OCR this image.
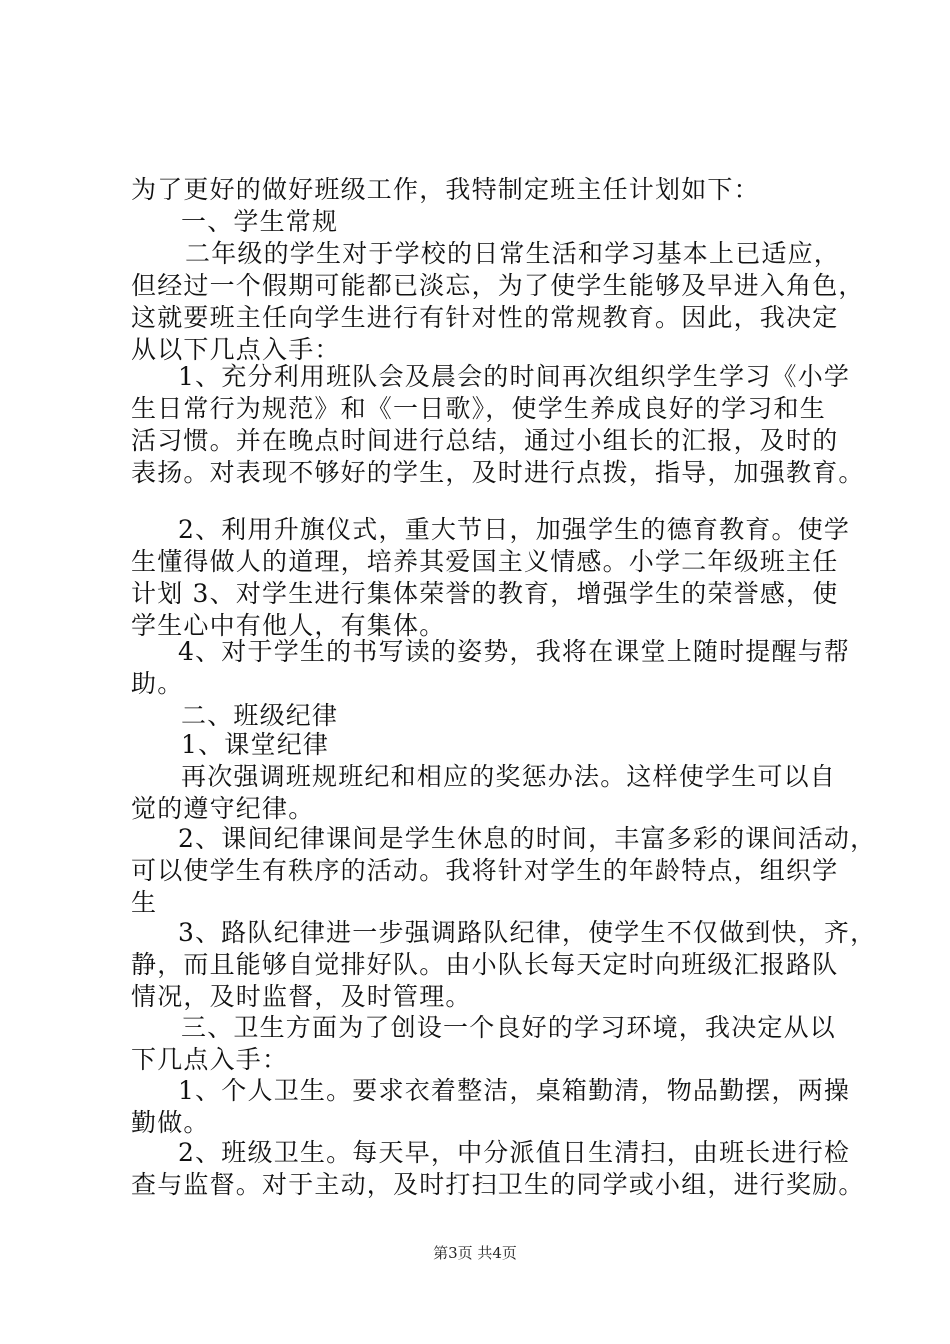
为了更好的做好班级工作，我特制定班主任计划如下：
一、学生常规
二年级的学生对于学校的日常生活和学习基本上已适应，
但经过一个假期可能都已淡忘，为了使学生能够及早进入角色，
这就要班主任向学生进行有针对性的常规教育。因此，我决定
从以下几点入手：
1、充分利用班队会及晨会的时间再次组织学生学习《小学
生日常行为规范》和《一日歌》，使学生养成良好的学习和生
活习惯。并在晚点时间进行总结，通过小组长的汇报，及时的
表扬。对表现不够好的学生，及时进行点拨，指导，加强教育。
2、利用升旗仪式，重大节日，加强学生的德育教育。使学
生懂得做人的道理，培养其爱国主义情感。小学二年级班主任
计划 3、对学生进行集体荣誉的教育，增强学生的荣誉感，使
学生心中有他人，有集体。
4、对于学生的书写读的姿势，我将在课堂上随时提醒与帮
助。
二、班级纪律
1、课堂纪律
再次强调班规班纪和相应的奖惩办法。这样使学生可以自
觉的遵守纪律。
2、课间纪律课间是学生休息的时间，丰富多彩的课间活动，
可以使学生有秩序的活动。我将针对学生的年龄特点，组织学
生
3、路队纪律进一步强调路队纪律，使学生不仅做到快，齐，
静，而且能够自觉排好队。由小队长每天定时向班级汇报路队
情况，及时监督，及时管理。
三、卫生方面为了创设一个良好的学习环境，我决定从以
下几点入手：
1、个人卫生。要求衣着整洁，桌箱勤清，物品勤摆，两操
勤做。
2、班级卫生。每天早，中分派值日生清扫，由班长进行检
查与监督。对于主动，及时打扫卫生的同学或小组，进行奖励。
第3页 共4页
